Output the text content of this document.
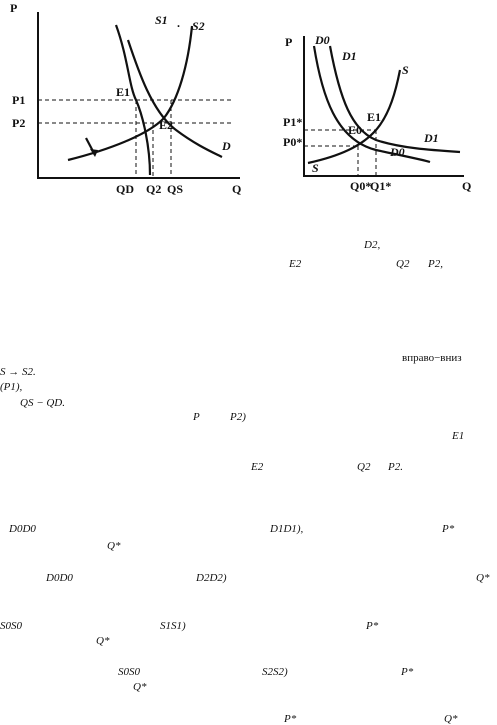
P
Q
P1
P2
QD Q2 QS
S1 . S2
D
E1
E2
P
Q
P1*
P0*
Q0*
Q1*
D0
D1
S
D1
D0
S
E1
E0
D2,
E2	Q2 P2,
вправо−вниз
S → S2.
(P1),
QS − QD.
P	P2)
E1
E2	Q2 P2.
D0D0	D1D1),	P*
Q*
D0D0	D2D2)	Q*
S0S0	S1S1)	P*
Q*
S0S0	S2S2)	P*
Q*
P*	Q*
